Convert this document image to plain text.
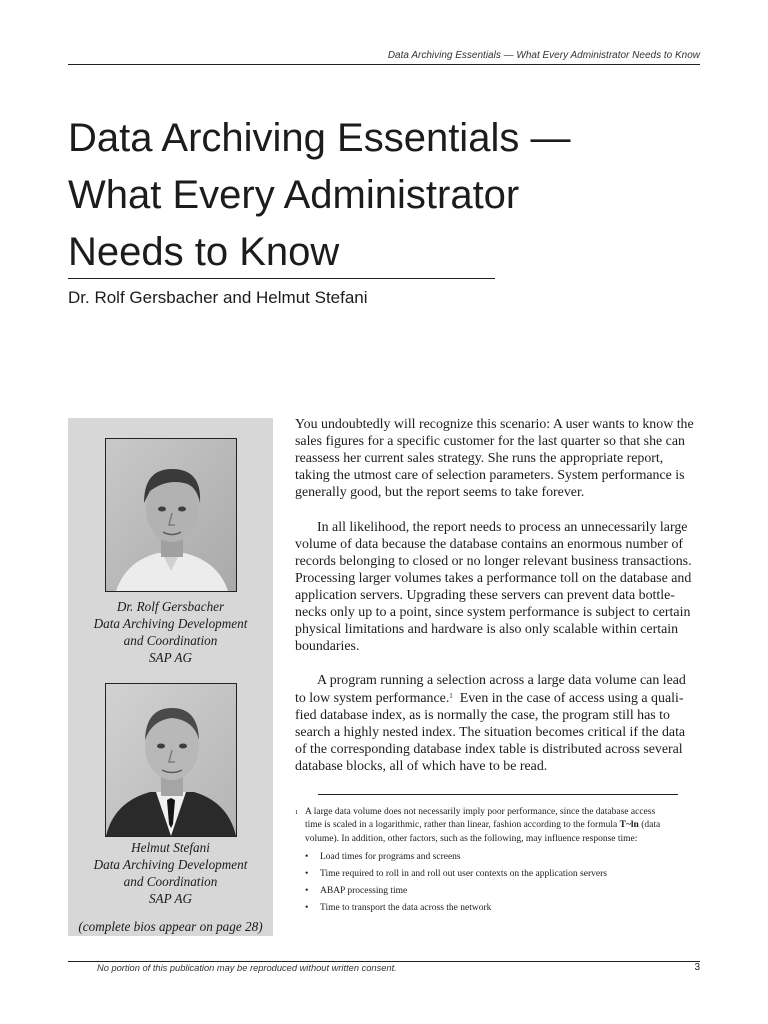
Data Archiving Essentials — What Every Administrator Needs to Know
Data Archiving Essentials —
What Every Administrator
Needs to Know
Dr. Rolf Gersbacher and Helmut Stefani
Dr. Rolf Gersbacher
Data Archiving Development
and Coordination
SAP AG
Helmut Stefani
Data Archiving Development
and Coordination
SAP AG
(complete bios appear on page 28)

You undoubtedly will recognize this scenario: A user wants to know the
sales figures for a specific customer for the last quarter so that she can
reassess her current sales strategy. She runs the appropriate report,
taking the utmost care of selection parameters. System performance is
generally good, but the report seems to take forever.

In all likelihood, the report needs to process an unnecessarily large
volume of data because the database contains an enormous number of
records belonging to closed or no longer relevant business transactions.
Processing larger volumes takes a performance toll on the database and
application servers. Upgrading these servers can prevent data bottle-
necks only up to a point, since system performance is subject to certain
physical limitations and hardware is also only scalable within certain
boundaries.

A program running a selection across a large data volume can lead
to low system performance.$^1$  Even in the case of access using a quali-
fied database index, as is normally the case, the program still has to
search a highly nested index. The situation becomes critical if the data
of the corresponding database index table is distributed across several
database blocks, all of which have to be read.

1 A large data volume does not necessarily imply poor performance, since the database access
time is scaled in a logarithmic, rather than linear, fashion according to the formula T~ln (data
volume). In addition, other factors, such as the following, may influence response time:
• Load times for programs and screens
• Time required to roll in and roll out user contexts on the application servers
• ABAP processing time
• Time to transport the data across the network
No portion of this publication may be reproduced without written consent.	3
